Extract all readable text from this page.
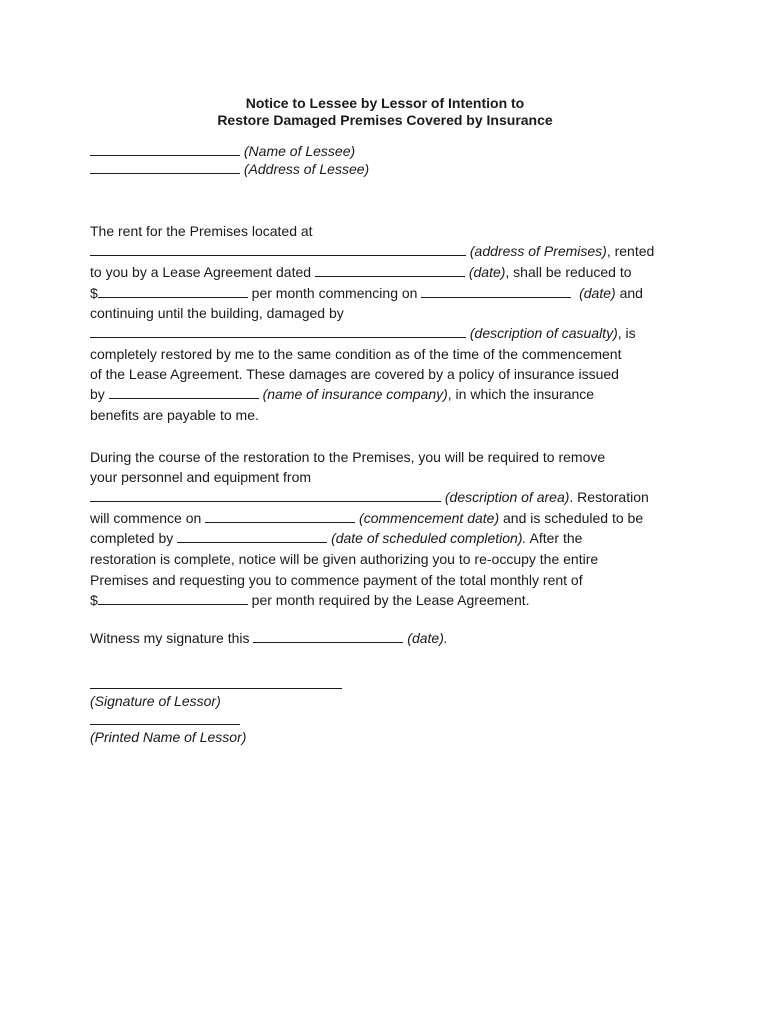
Notice to Lessee by Lessor of Intention to
Restore Damaged Premises Covered by Insurance
(Name of Lessee)
(Address of Lessee)
The rent for the Premises located at
(address of Premises), rented
to you by a Lease Agreement dated	(date), shall be reduced to
$	per month commencing on	(date) and
continuing until the building, damaged by
(description of casualty), is
completely restored by me to the same condition as of the time of the commencement
of the Lease Agreement. These damages are covered by a policy of insurance issued
by	(name of insurance company), in which the insurance
benefits are payable to me.
During the course of the restoration to the Premises, you will be required to remove
your personnel and equipment from
(description of area). Restoration
will commence on	(commencement date) and is scheduled to be
completed by	(date of scheduled completion). After the
restoration is complete, notice will be given authorizing you to re-occupy the entire
Premises and requesting you to commence payment of the total monthly rent of
$	per month required by the Lease Agreement.
Witness my signature this	(date).
(Signature of Lessor)
(Printed Name of Lessor)
